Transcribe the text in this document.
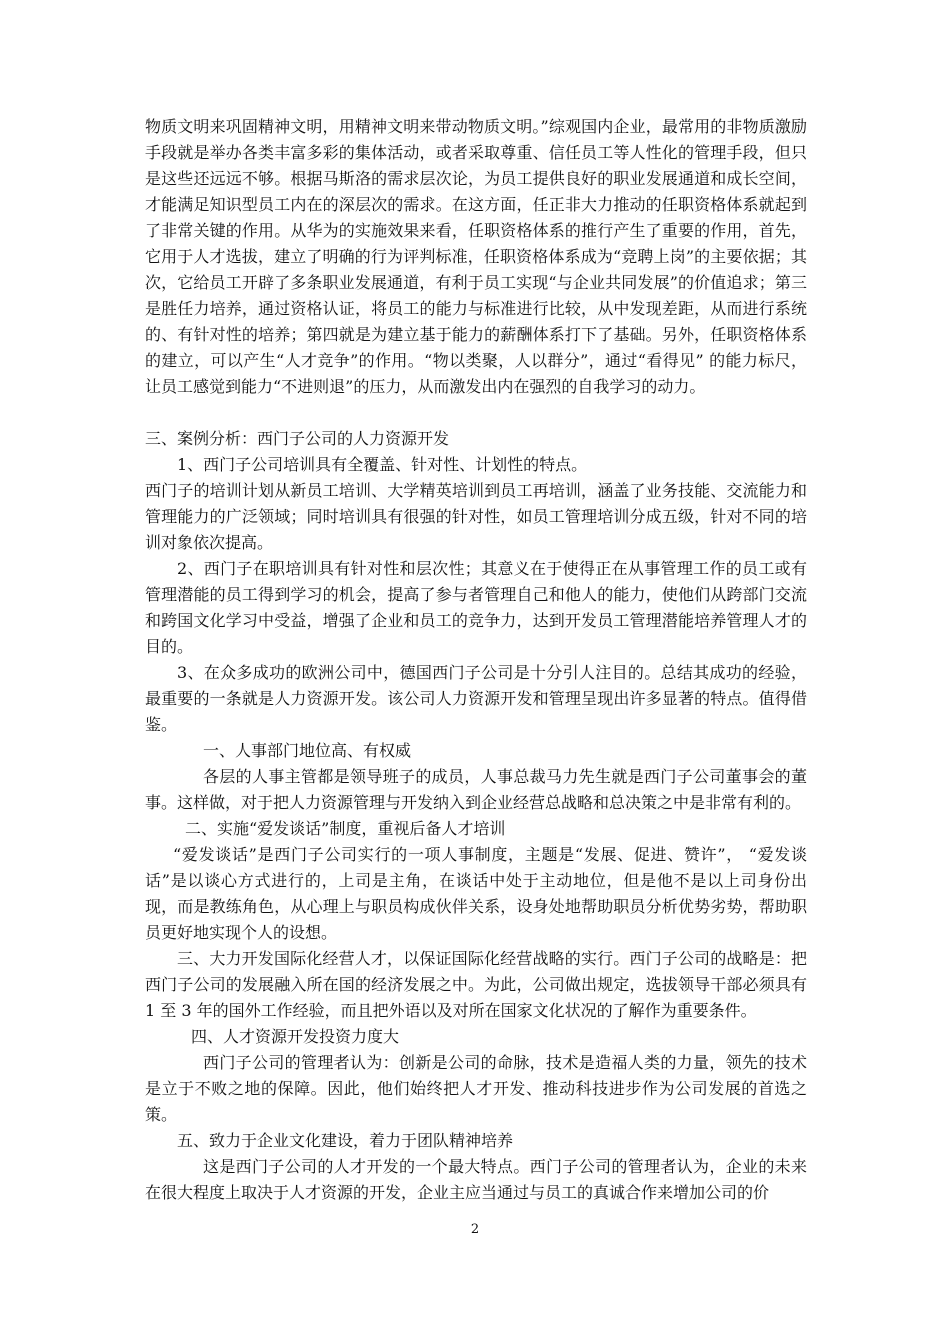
物质文明来巩固精神文明，用精神文明来带动物质文明。”综观国内企业，最常用的非物质激励手段就是举办各类丰富多彩的集体活动，或者采取尊重、信任员工等人性化的管理手段，但只是这些还远远不够。根据马斯洛的需求层次论，为员工提供良好的职业发展通道和成长空间，才能满足知识型员工内在的深层次的需求。在这方面，任正非大力推动的任职资格体系就起到了非常关键的作用。从华为的实施效果来看，任职资格体系的推行产生了重要的作用，首先，它用于人才选拔，建立了明确的行为评判标准，任职资格体系成为“竞聘上岗”的主要依据；其次，它给员工开辟了多条职业发展通道，有利于员工实现“与企业共同发展”的价值追求；第三是胜任力培养，通过资格认证，将员工的能力与标准进行比较，从中发现差距，从而进行系统的、有针对性的培养；第四就是为建立基于能力的薪酬体系打下了基础。另外，任职资格体系的建立，可以产生“人才竞争”的作用。“物以类聚，人以群分”，通过“看得见” 的能力标尺，让员工感觉到能力“不进则退”的压力，从而激发出内在强烈的自我学习的动力。

三、案例分析：西门子公司的人力资源开发

1、西门子公司培训具有全覆盖、针对性、计划性的特点。

西门子的培训计划从新员工培训、大学精英培训到员工再培训，涵盖了业务技能、交流能力和管理能力的广泛领域；同时培训具有很强的针对性，如员工管理培训分成五级，针对不同的培训对象依次提高。

2、西门子在职培训具有针对性和层次性；其意义在于使得正在从事管理工作的员工或有管理潜能的员工得到学习的机会，提高了参与者管理自己和他人的能力，使他们从跨部门交流和跨国文化学习中受益，增强了企业和员工的竞争力，达到开发员工管理潜能培养管理人才的目的。

3、在众多成功的欧洲公司中，德国西门子公司是十分引人注目的。总结其成功的经验，最重要的一条就是人力资源开发。该公司人力资源开发和管理呈现出许多显著的特点。值得借鉴。

一、人事部门地位高、有权威

各层的人事主管都是领导班子的成员，人事总裁马力先生就是西门子公司董事会的董事。这样做，对于把人力资源管理与开发纳入到企业经营总战略和总决策之中是非常有利的。

二、实施“爱发谈话”制度，重视后备人才培训

“爱发谈话”是西门子公司实行的一项人事制度，主题是“发展、促进、赞许”， “爱发谈话”是以谈心方式进行的，上司是主角，在谈话中处于主动地位，但是他不是以上司身份出现，而是教练角色，从心理上与职员构成伙伴关系，设身处地帮助职员分析优势劣势，帮助职员更好地实现个人的设想。

三、大力开发国际化经营人才，以保证国际化经营战略的实行。西门子公司的战略是：把西门子公司的发展融入所在国的经济发展之中。为此，公司做出规定，选拔领导干部必须具有 1 至 3 年的国外工作经验，而且把外语以及对所在国家文化状况的了解作为重要条件。

四、人才资源开发投资力度大

西门子公司的管理者认为：创新是公司的命脉，技术是造福人类的力量，领先的技术是立于不败之地的保障。因此，他们始终把人才开发、推动科技进步作为公司发展的首选之策。

五、致力于企业文化建设，着力于团队精神培养

这是西门子公司的人才开发的一个最大特点。西门子公司的管理者认为，企业的未来在很大程度上取决于人才资源的开发，企业主应当通过与员工的真诚合作来增加公司的价

2
